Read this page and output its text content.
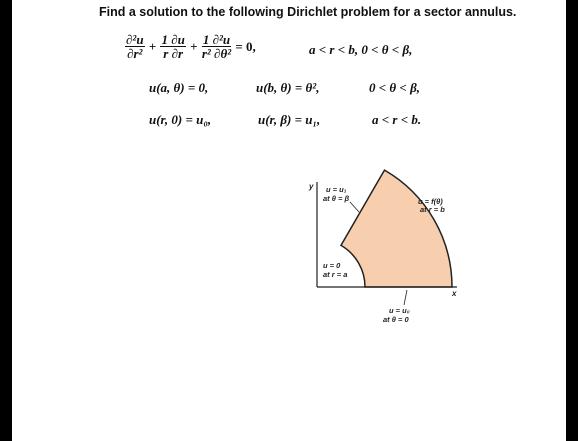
Find a solution to the following Dirichlet problem for a sector annulus.
$\frac{\text{∂²u}}{\text{∂r²}} + \frac{1 \partial u}{r \partial r} + \frac{\text{1 ∂²u}}{\text{r² ∂θ²}} = 0$,	a < r < b, 0 < θ < β,
u(a, θ) = 0,	u(b, θ) = θ²,	0 < θ < β,
u(r, 0) = u₀,	u(r, β) = u₁,	a < r < b.
y
x
u = u₁
at θ = β	u = f(θ)
at r = b
u = 0
at r = a
u = u₀
at θ = 0
